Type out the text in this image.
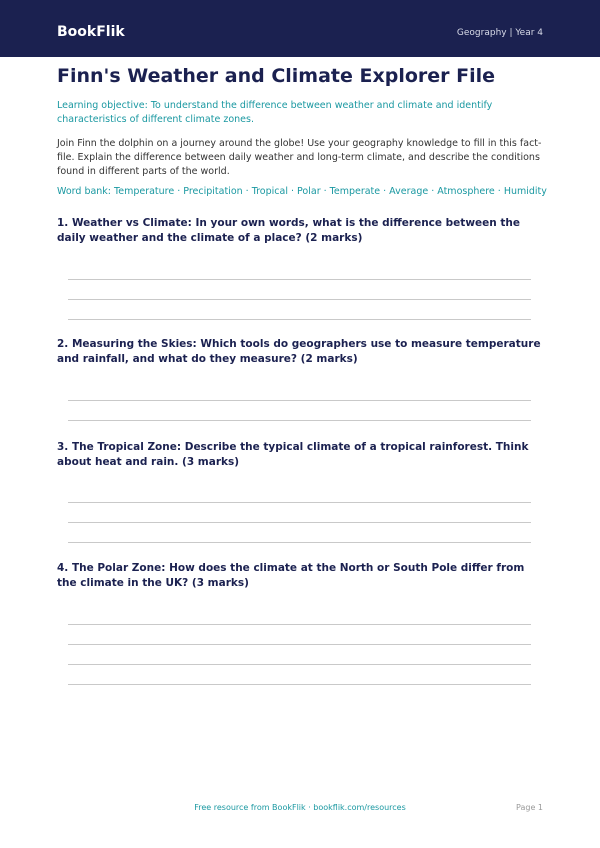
BookFlik	Geography | Year 4
Finn's Weather and Climate Explorer File

Learning objective: To understand the difference between weather and climate and identify characteristics of different climate zones.

Join Finn the dolphin on a journey around the globe! Use your geography knowledge to fill in this fact-file. Explain the difference between daily weather and long-term climate, and describe the conditions found in different parts of the world.

Word bank: Temperature · Precipitation · Tropical · Polar · Temperate · Average · Atmosphere · Humidity

1. Weather vs Climate: In your own words, what is the difference between the daily weather and the climate of a place? (2 marks)

2. Measuring the Skies: Which tools do geographers use to measure temperature and rainfall, and what do they measure? (2 marks)

3. The Tropical Zone: Describe the typical climate of a tropical rainforest. Think about heat and rain. (3 marks)

4. The Polar Zone: How does the climate at the North or South Pole differ from the climate in the UK? (3 marks)

Free resource from BookFlik · bookflik.com/resources	Page 1
